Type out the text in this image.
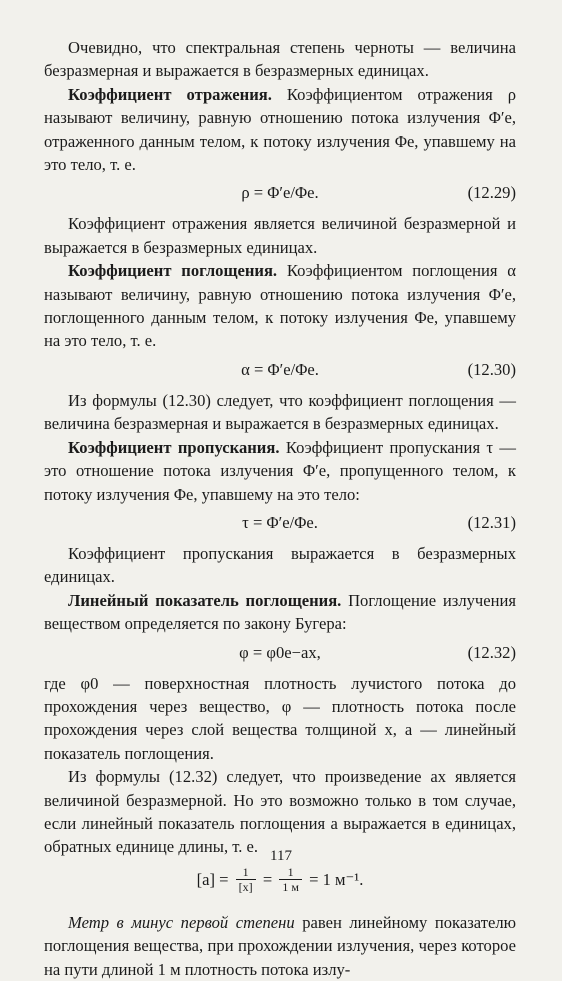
Очевидно, что спектральная степень черноты — величина безразмерная и выражается в безразмерных единицах.

Коэффициент отражения. Коэффициентом отражения ρ называют величину, равную отношению потока излучения Φ′e, отраженного данным телом, к потоку излучения Φe, упавшему на это тело, т. е.

ρ = Φ′e/Φe.	(12.29)

Коэффициент отражения является величиной безразмерной и выражается в безразмерных единицах.

Коэффициент поглощения. Коэффициентом поглощения α называют величину, равную отношению потока излучения Φ′e, поглощенного данным телом, к потоку излучения Φe, упавшему на это тело, т. е.

α = Φ′e/Φe.	(12.30)

Из формулы (12.30) следует, что коэффициент поглощения — величина безразмерная и выражается в безразмерных единицах.

Коэффициент пропускания. Коэффициент пропускания τ — это отношение потока излучения Φ′e, пропущенного телом, к потоку излучения Φe, упавшему на это тело:

τ = Φ′e/Φe.	(12.31)

Коэффициент пропускания выражается в безразмерных единицах.

Линейный показатель поглощения. Поглощение излучения веществом определяется по закону Бугера:

φ = φ0e−ax,	(12.32)

где φ0 — поверхностная плотность лучистого потока до прохождения через вещество, φ — плотность потока после прохождения через слой вещества толщиной x, a — линейный показатель поглощения.

Из формулы (12.32) следует, что произведение ax является величиной безразмерной. Но это возможно только в том случае, если линейный показатель поглощения a выражается в единицах, обратных единице длины, т. е.

$[a] = \frac{1}{[x]} = \frac{1}{1 м} = 1$ м⁻¹.

Метр в минус первой степени равен линейному показателю поглощения вещества, при прохождении излучения, через которое на пути длиной 1 м плотность потока излу-

117
